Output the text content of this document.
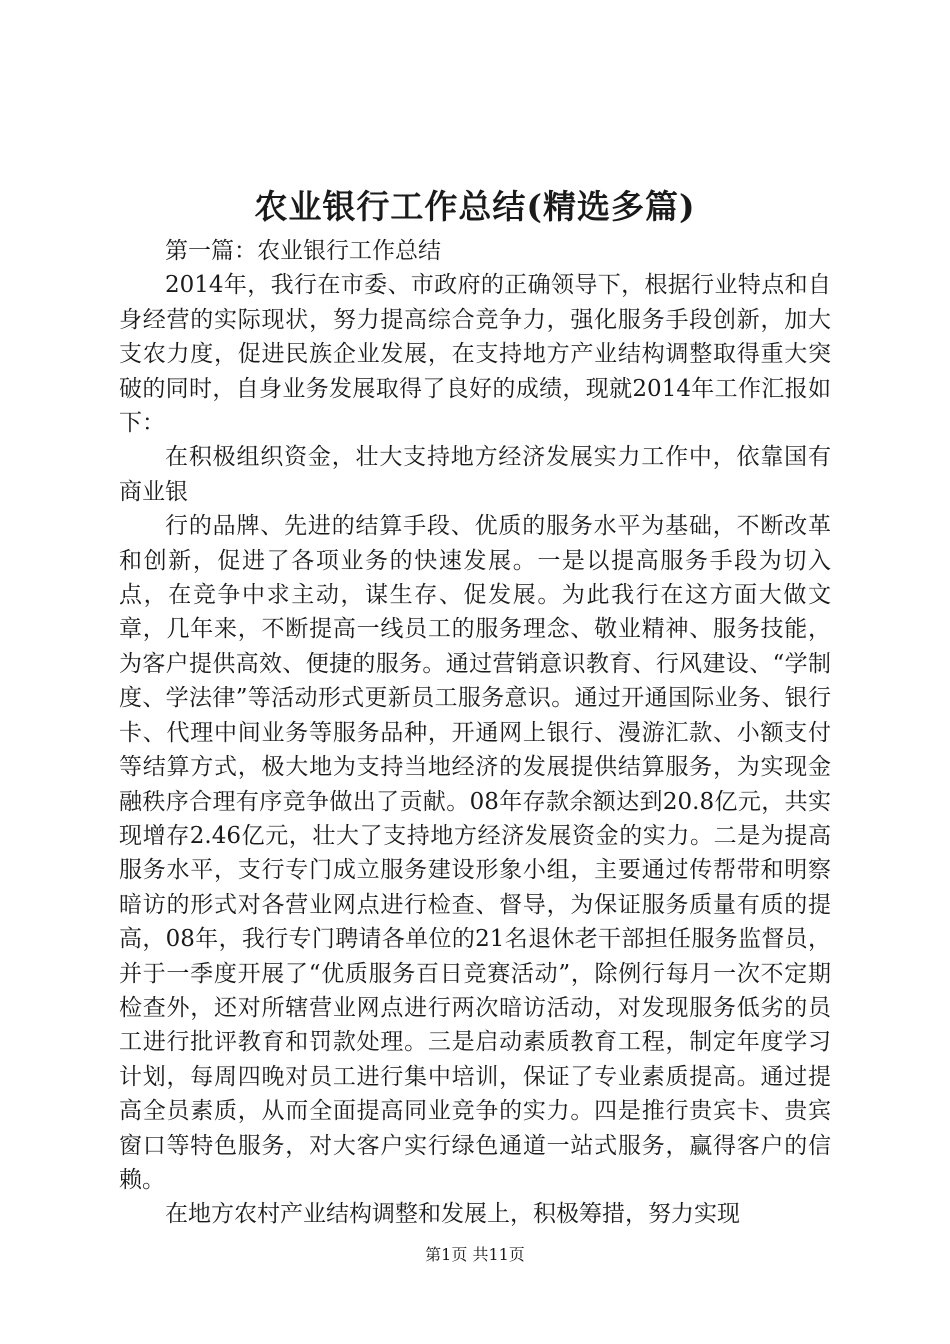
农业银行工作总结(精选多篇)

第一篇：农业银行工作总结

2014年，我行在市委、市政府的正确领导下，根据行业特点和自身经营的实际现状，努力提高综合竞争力，强化服务手段创新，加大支农力度，促进民族企业发展，在支持地方产业结构调整取得重大突破的同时，自身业务发展取得了良好的成绩，现就2014年工作汇报如下：

在积极组织资金，壮大支持地方经济发展实力工作中，依靠国有商业银

行的品牌、先进的结算手段、优质的服务水平为基础，不断改革和创新，促进了各项业务的快速发展。一是以提高服务手段为切入点，在竞争中求主动，谋生存、促发展。为此我行在这方面大做文章，几年来，不断提高一线员工的服务理念、敬业精神、服务技能，为客户提供高效、便捷的服务。通过营销意识教育、行风建设、“学制度、学法律”等活动形式更新员工服务意识。通过开通国际业务、银行卡、代理中间业务等服务品种，开通网上银行、漫游汇款、小额支付等结算方式，极大地为支持当地经济的发展提供结算服务，为实现金融秩序合理有序竞争做出了贡献。08年存款余额达到20.8亿元，共实现增存2.46亿元，壮大了支持地方经济发展资金的实力。二是为提高服务水平，支行专门成立服务建设形象小组，主要通过传帮带和明察暗访的形式对各营业网点进行检查、督导，为保证服务质量有质的提高，08年，我行专门聘请各单位的21名退休老干部担任服务监督员，并于一季度开展了“优质服务百日竞赛活动”，除例行每月一次不定期检查外，还对所辖营业网点进行两次暗访活动，对发现服务低劣的员工进行批评教育和罚款处理。三是启动素质教育工程，制定年度学习计划，每周四晚对员工进行集中培训，保证了专业素质提高。通过提高全员素质，从而全面提高同业竞争的实力。四是推行贵宾卡、贵宾窗口等特色服务，对大客户实行绿色通道一站式服务，赢得客户的信赖。

在地方农村产业结构调整和发展上，积极筹措，努力实现

第1页 共11页
